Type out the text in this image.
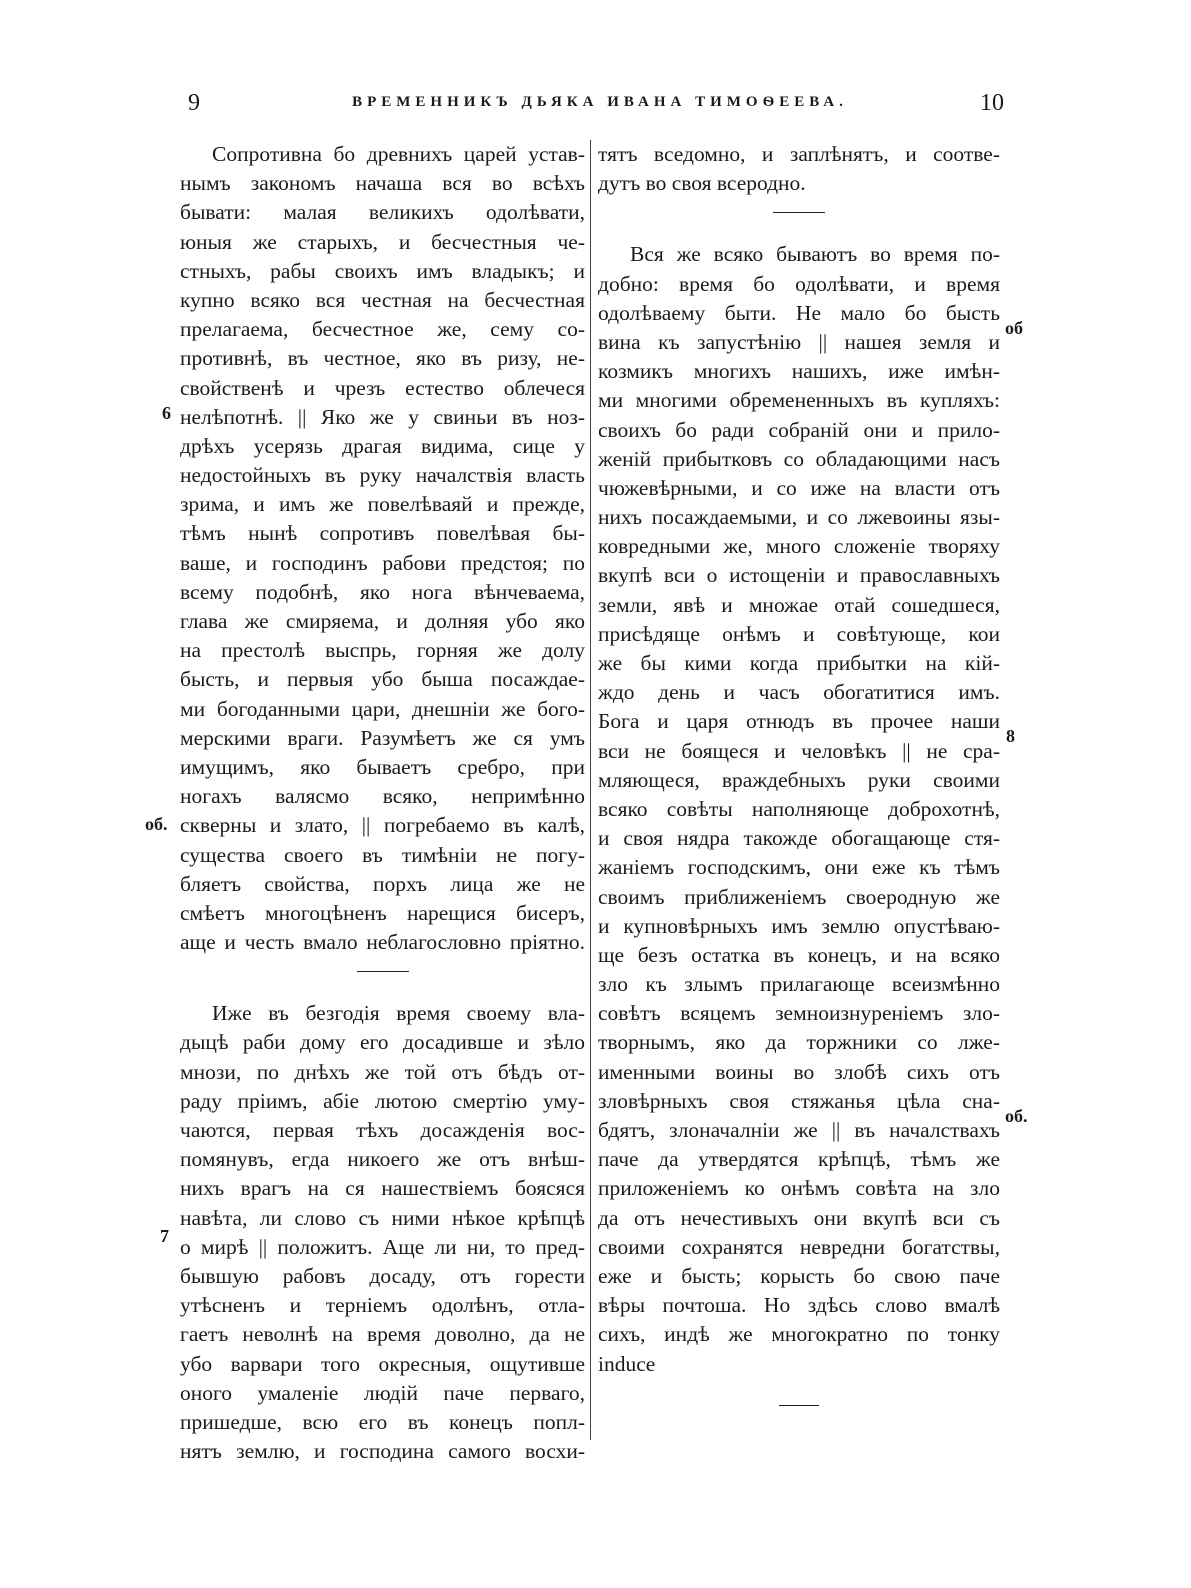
9	ВРЕМЕННИКЪ ДЬЯКА ИВАНА ТИМОѲЕЕВА.	10
Сопротивна бо древнихъ царей устав-
нымъ закономъ начаша вся во всѣхъ
бывати: малая великихъ одолѣвати,
юныя же старыхъ, и бесчестныя че-
стныхъ, рабы своихъ имъ владыкъ; и
купно всяко вся честная на бесчестная
прелагаема, бесчестное же, сему со-
противнѣ, въ честное, яко въ ризу, не-
свойственѣ и чрезъ естество облечеся
нелѣпотнѣ. || Яко же у свиньи въ ноз-
дрѣхъ усерязь драгая видима, сице у
недостойныхъ въ руку началствія власть
зрима, и имъ же повелѣваяй и прежде,
тѣмъ нынѣ сопротивъ повелѣвая бы-
ваше, и господинъ рабови предстоя; по
всему подобнѣ, яко нога вѣнчеваема,
глава же смиряема, и долняя убо яко
на престолѣ выспрь, горняя же долу
бысть, и первыя убо быша посаждае-
ми богоданными цари, днешніи же бого-
мерскими враги. Разумѣетъ же ся умъ
имущимъ, яко бываетъ сребро, при
ногахъ валясмо всяко, непримѣнно
скверны и злато, || погребаемо въ калѣ,
существа своего въ тимѣніи не погу-
бляетъ свойства, порхъ лица же не
смѣетъ многоцѣненъ нарещися бисеръ,
аще и честь вмало неблагословно пріятно.
Иже въ безгодія время своему вла-
дыцѣ раби дому его досадивше и зѣло
мнози, по днѣхъ же той отъ бѣдъ от-
раду пріимъ, абіе лютою смертію уму-
чаются, первая тѣхъ досажденія вос-
помянувъ, егда никоего же отъ внѣш-
нихъ врагъ на ся нашествіемъ боясяся
навѣта, ли слово съ ними нѣкое крѣпцѣ
о мирѣ || положитъ. Аще ли ни, то пред-
бывшую рабовъ досаду, отъ горести
утѣсненъ и терніемъ одолѣнъ, отла-
гаетъ неволнѣ на время доволно, да не
убо варвари того окресныя, ощутивше
оного умаленіе людій паче перваго,
пришедше, всю его въ конецъ попл-
нятъ землю, и господина самого восхи-
тятъ вседомно, и заплѣнятъ, и соотве-
дутъ во своя всеродно.
Вся же всяко бываютъ во время по-
добно: время бо одолѣвати, и время
одолѣваему быти. Не мало бо бысть
вина къ запустѣнію || нашея земля и
козмикъ многихъ нашихъ, иже имѣн-
ми многими обремененныхъ въ купляхъ:
своихъ бо ради собраній они и прило-
женій прибытковъ со обладающими насъ
чюжевѣрными, и со иже на власти отъ
нихъ посаждаемыми, и со лжевоины язы-
ковредными же, много сложеніе творяху
вкупѣ вси о истощеніи и православныхъ
земли, явѣ и множае отай сошедшеся,
присѣдяще онѣмъ и совѣтующе, кои
же бы кими когда прибытки на кій-
ждо день и часъ обогатитися имъ.
Бога и царя отнюдъ въ прочее наши
вси не боящеся и человѣкъ || не сра-
мляющеся, враждебныхъ руки своими
всяко совѣты наполняюще доброхотнѣ,
и своя нядра такожде обогащающе стя-
жаніемъ господскимъ, они еже къ тѣмъ
своимъ приближеніемъ своеродную же
и купновѣрныхъ имъ землю опустѣваю-
ще безъ остатка въ конецъ, и на всяко
зло къ злымъ прилагающе всеизмѣнно
совѣтъ всяцемъ земноизнуреніемъ зло-
творнымъ, яко да торжники со лже-
именными воины во злобѣ сихъ отъ
зловѣрныхъ своя стяжанья цѣла сна-
бдятъ, злоначалніи же || въ началствахъ
паче да утвердятся крѣпцѣ, тѣмъ же
приложеніемъ ко онѣмъ совѣта на зло
да отъ нечестивыхъ они вкупѣ вси съ
своими сохранятся невредни богатствы,
еже и бысть; корысть бо свою паче
вѣры почтоша. Но здѣсь слово вмалѣ
сихъ, индѣ же многократно по тонку
induce
6
об.
7
об
8
об.
